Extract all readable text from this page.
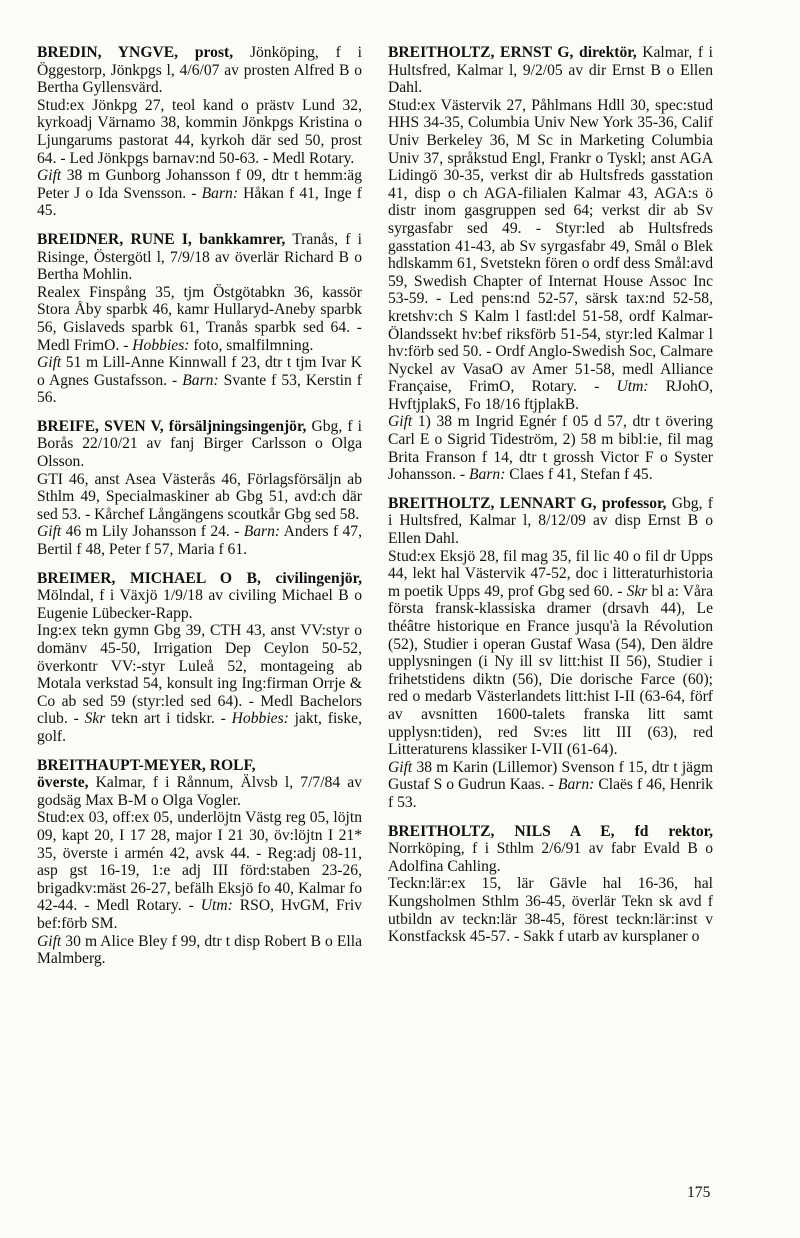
BREDIN, YNGVE, prost, Jönköping, f i Öggestorp, Jönkpgs l, 4/6/07 av prosten Alfred B o Bertha Gyllensvärd.

Stud:ex Jönkpg 27, teol kand o prästv Lund 32, kyrkoadj Värnamo 38, kommin Jönkpgs Kristina o Ljungarums pastorat 44, kyrkoh där sed 50, prost 64. - Led Jönkpgs barnav:nd 50-63. - Medl Rotary.

Gift 38 m Gunborg Johansson f 09, dtr t hemm:äg Peter J o Ida Svensson. - Barn: Håkan f 41, Inge f 45.

BREIDNER, RUNE I, bankkamrer, Tranås, f i Risinge, Östergötl l, 7/9/18 av överlär Richard B o Bertha Mohlin.

Realex Finspång 35, tjm Östgötabkn 36, kassör Stora Åby sparbk 46, kamr Hullaryd-Aneby sparbk 56, Gislaveds sparbk 61, Tranås sparbk sed 64. - Medl FrimO. - Hobbies: foto, smalfilmning.

Gift 51 m Lill-Anne Kinnwall f 23, dtr t tjm Ivar K o Agnes Gustafsson. - Barn: Svante f 53, Kerstin f 56.

BREIFE, SVEN V, försäljningsingenjör, Gbg, f i Borås 22/10/21 av fanj Birger Carlsson o Olga Olsson.

GTI 46, anst Asea Västerås 46, Förlagsförsäljn ab Sthlm 49, Specialmaskiner ab Gbg 51, avd:ch där sed 53. - Kårchef Långängens scoutkår Gbg sed 58.

Gift 46 m Lily Johansson f 24. - Barn: Anders f 47, Bertil f 48, Peter f 57, Maria f 61.

BREIMER, MICHAEL O B, civilingenjör, Mölndal, f i Växjö 1/9/18 av civiling Michael B o Eugenie Lübecker-Rapp.

Ing:ex tekn gymn Gbg 39, CTH 43, anst VV:styr o domänv 45-50, Irrigation Dep Ceylon 50-52, överkontr VV:-styr Luleå 52, montageing ab Motala verkstad 54, konsult ing Ing:firman Orrje & Co ab sed 59 (styr:led sed 64). - Medl Bachelors club. - Skr tekn art i tidskr. - Hobbies: jakt, fiske, golf.

BREITHAUPT-MEYER, ROLF,
överste, Kalmar, f i Rånnum, Älvsb l, 7/7/84 av godsäg Max B-M o Olga Vogler.

Stud:ex 03, off:ex 05, underlöjtn Västg reg 05, löjtn 09, kapt 20, I 17 28, major I 21 30, öv:löjtn I 21* 35, överste i armén 42, avsk 44. - Reg:adj 08-11, asp gst 16-19, 1:e adj III förd:staben 23-26, brigadkv:mäst 26-27, befälh Eksjö fo 40, Kalmar fo 42-44. - Medl Rotary. - Utm: RSO, HvGM, Friv bef:förb SM.

Gift 30 m Alice Bley f 99, dtr t disp Robert B o Ella Malmberg.

BREITHOLTZ, ERNST G, direktör, Kalmar, f i Hultsfred, Kalmar l, 9/2/05 av dir Ernst B o Ellen Dahl.

Stud:ex Västervik 27, Påhlmans Hdll 30, spec:stud HHS 34-35, Columbia Univ New York 35-36, Calif Univ Berkeley 36, M Sc in Marketing Columbia Univ 37, språkstud Engl, Frankr o Tyskl; anst AGA Lidingö 30-35, verkst dir ab Hultsfreds gasstation 41, disp o ch AGA-filialen Kalmar 43, AGA:s ö distr inom gasgruppen sed 64; verkst dir ab Sv syrgasfabr sed 49. - Styr:led ab Hultsfreds gasstation 41-43, ab Sv syrgasfabr 49, Smål o Blek hdlskamm 61, Svetstekn fören o ordf dess Smål:avd 59, Swedish Chapter of Internat House Assoc Inc 53-59. - Led pens:nd 52-57, särsk tax:nd 52-58, kretshv:ch S Kalm l fastl:del 51-58, ordf Kalmar-Ölandssekt hv:bef riksförb 51-54, styr:led Kalmar l hv:förb sed 50. - Ordf Anglo-Swedish Soc, Calmare Nyckel av VasaO av Amer 51-58, medl Alliance Française, FrimO, Rotary. - Utm: RJohO, HvftjplakS, Fo 18/16 ftjplakB.

Gift 1) 38 m Ingrid Egnér f 05 d 57, dtr t övering Carl E o Sigrid Tideström, 2) 58 m bibl:ie, fil mag Brita Franson f 14, dtr t grossh Victor F o Syster Johansson. - Barn: Claes f 41, Stefan f 45.

BREITHOLTZ, LENNART G, professor, Gbg, f i Hultsfred, Kalmar l, 8/12/09 av disp Ernst B o Ellen Dahl.

Stud:ex Eksjö 28, fil mag 35, fil lic 40 o fil dr Upps 44, lekt hal Västervik 47-52, doc i litteraturhistoria m poetik Upps 49, prof Gbg sed 60. - Skr bl a: Våra första fransk-klassiska dramer (drsavh 44), Le théâtre historique en France jusqu'à la Révolution (52), Studier i operan Gustaf Wasa (54), Den äldre upplysningen (i Ny ill sv litt:hist II 56), Studier i frihetstidens diktn (56), Die dorische Farce (60); red o medarb Västerlandets litt:hist I-II (63-64, förf av avsnitten 1600-talets franska litt samt upplysn:tiden), red Sv:es litt III (63), red Litteraturens klassiker I-VII (61-64).

Gift 38 m Karin (Lillemor) Svenson f 15, dtr t jägm Gustaf S o Gudrun Kaas. - Barn: Claës f 46, Henrik f 53.

BREITHOLTZ, NILS A E, fd rektor, Norrköping, f i Sthlm 2/6/91 av fabr Evald B o Adolfina Cahling.

Teckn:lär:ex 15, lär Gävle hal 16-36, hal Kungsholmen Sthlm 36-45, överlär Tekn sk avd f utbildn av teckn:lär 38-45, förest teckn:lär:inst v Konstfacksk 45-57. - Sakk f utarb av kursplaner o

175
